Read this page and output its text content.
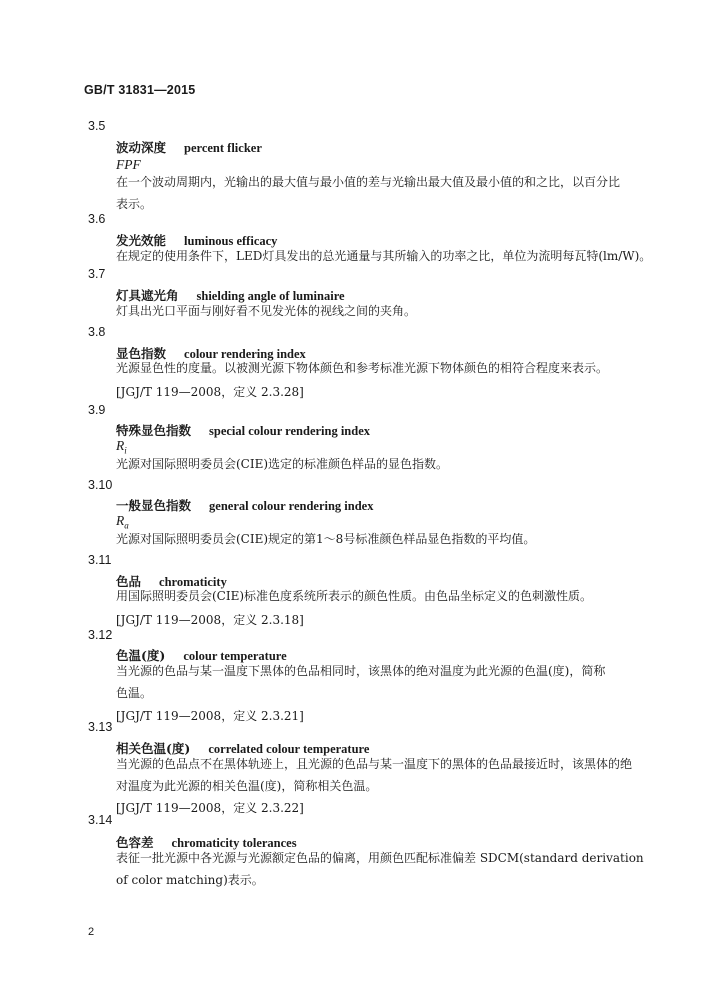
GB/T 31831—2015
3.5
波动深度 percent flicker
FPF
在一个波动周期内，光输出的最大值与最小值的差与光输出最大值及最小值的和之比，以百分比
表示。
3.6
发光效能 luminous efficacy
在规定的使用条件下，LED灯具发出的总光通量与其所输入的功率之比，单位为流明每瓦特(lm/W)。
3.7
灯具遮光角 shielding angle of luminaire
灯具出光口平面与刚好看不见发光体的视线之间的夹角。
3.8
显色指数 colour rendering index
光源显色性的度量。以被测光源下物体颜色和参考标准光源下物体颜色的相符合程度来表示。
[JGJ/T 119—2008，定义 2.3.28]
3.9
特殊显色指数 special colour rendering index
$R_i$
光源对国际照明委员会(CIE)选定的标准颜色样品的显色指数。
3.10
一般显色指数 general colour rendering index
$R_a$
光源对国际照明委员会(CIE)规定的第1～8号标准颜色样品显色指数的平均值。
3.11
色品 chromaticity
用国际照明委员会(CIE)标准色度系统所表示的颜色性质。由色品坐标定义的色刺激性质。
[JGJ/T 119—2008，定义 2.3.18]
3.12
色温(度) colour temperature
当光源的色品与某一温度下黑体的色品相同时，该黑体的绝对温度为此光源的色温(度)，简称
色温。
[JGJ/T 119—2008，定义 2.3.21]
3.13
相关色温(度) correlated colour temperature
当光源的色品点不在黑体轨迹上，且光源的色品与某一温度下的黑体的色品最接近时，该黑体的绝
对温度为此光源的相关色温(度)，简称相关色温。
[JGJ/T 119—2008，定义 2.3.22]
3.14
色容差 chromaticity tolerances
表征一批光源中各光源与光源额定色品的偏离，用颜色匹配标准偏差 SDCM(standard derivation
of color matching)表示。
2
